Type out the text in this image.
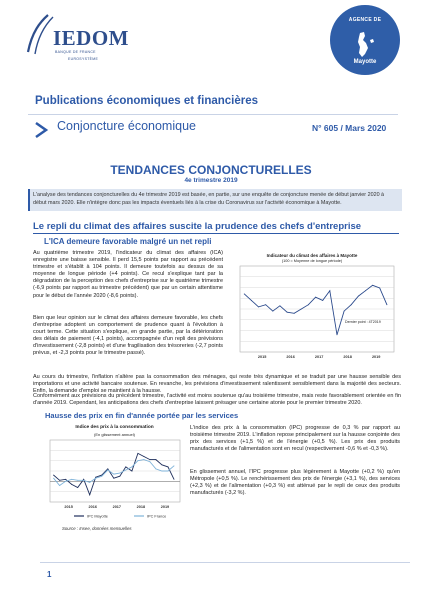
IEDOM
BANQUE DE FRANCE
EUROSYSTÈME
AGENCE DE
Mayotte
Publications économiques et financières
Conjoncture économique	N° 605 / Mars 2020
TENDANCES CONJONCTURELLES
4e trimestre 2019
L'analyse des tendances conjoncturelles du 4e trimestre 2019 est basée, en partie, sur une enquête de conjoncture menée de début janvier 2020 à début mars 2020. Elle n'intègre donc pas les impacts éventuels liés à la crise du Coronavirus sur l'activité économique à Mayotte.
Le repli du climat des affaires suscite la prudence des chefs d'entreprise
L'ICA demeure favorable malgré un net repli
Au quatrième trimestre 2019, l'indicateur du climat des affaires (ICA) enregistre une baisse sensible. Il perd 15,5 points par rapport au précédent trimestre et s'établit à 104 points. Il demeure toutefois au dessus de sa moyenne de longue période (+4 points). Ce recul s'explique tant par la dégradation de la perception des chefs d'entreprise sur le quatrième trimestre (-6,9 points par rapport au trimestre précédent) que par un certain attentisme pour le début de l'année 2020 (-8,6 points).
Bien que leur opinion sur le climat des affaires demeure favorable, les chefs d'entreprise adoptent un comportement de prudence quant à l'évolution à court terme. Cette situation s'explique, en grande partie, par la détérioration des délais de paiement (-4,1 points), accompagnée d'un repli des prévisions d'investissement (-2,8 points) et d'une fragilisation des trésoreries (-2,7 points prévus, et -2,3 points pour le trimestre passé).
Au cours du trimestre, l'inflation n'altère pas la consommation des ménages, qui reste très dynamique et se traduit par une hausse sensible des importations et une activité bancaire soutenue. En revanche, les prévisions d'investissement ralentissent sensiblement dans la majorité des secteurs. Enfin, la demande d'emploi se maintient à la hausse.
Conformément aux prévisions du précédent trimestre, l'activité est moins soutenue qu'au troisième trimestre, mais reste favorablement orientée en fin d'année 2019. Cependant, les anticipations des chefs d'entreprise laissent présager une certaine atonie pour le premier trimestre 2020.
Indicateur du climat des affaires à Mayotte
(100 = Moyenne de longue période)
2015	2016	2017	2018	2019
Dernier point : 4T2019
Hausse des prix en fin d'année portée par les services
Indice des prix à la consommation
(En glissement annuel)
2015	2016	2017	2018	2019
IPC Mayotte	IPC France
Source : Insee, données mensuelles
L'indice des prix à la consommation (IPC) progresse de 0,3 % par rapport au troisième trimestre 2019. L'inflation repose principalement sur la hausse conjointe des prix des services (+1,5 %) et de l'énergie (+0,5 %). Les prix des produits manufacturés et de l'alimentation sont en recul (respectivement -0,6 % et -0,3 %).
En glissement annuel, l'IPC progresse plus légèrement à Mayotte (+0,2 %) qu'en Métropole (+0,5 %). Le renchérissement des prix de l'énergie (+3,1 %), des services (+2,3 %) et de l'alimentation (+0,3 %) est atténué par le repli de ceux des produits manufacturés (-3,2 %).
1
